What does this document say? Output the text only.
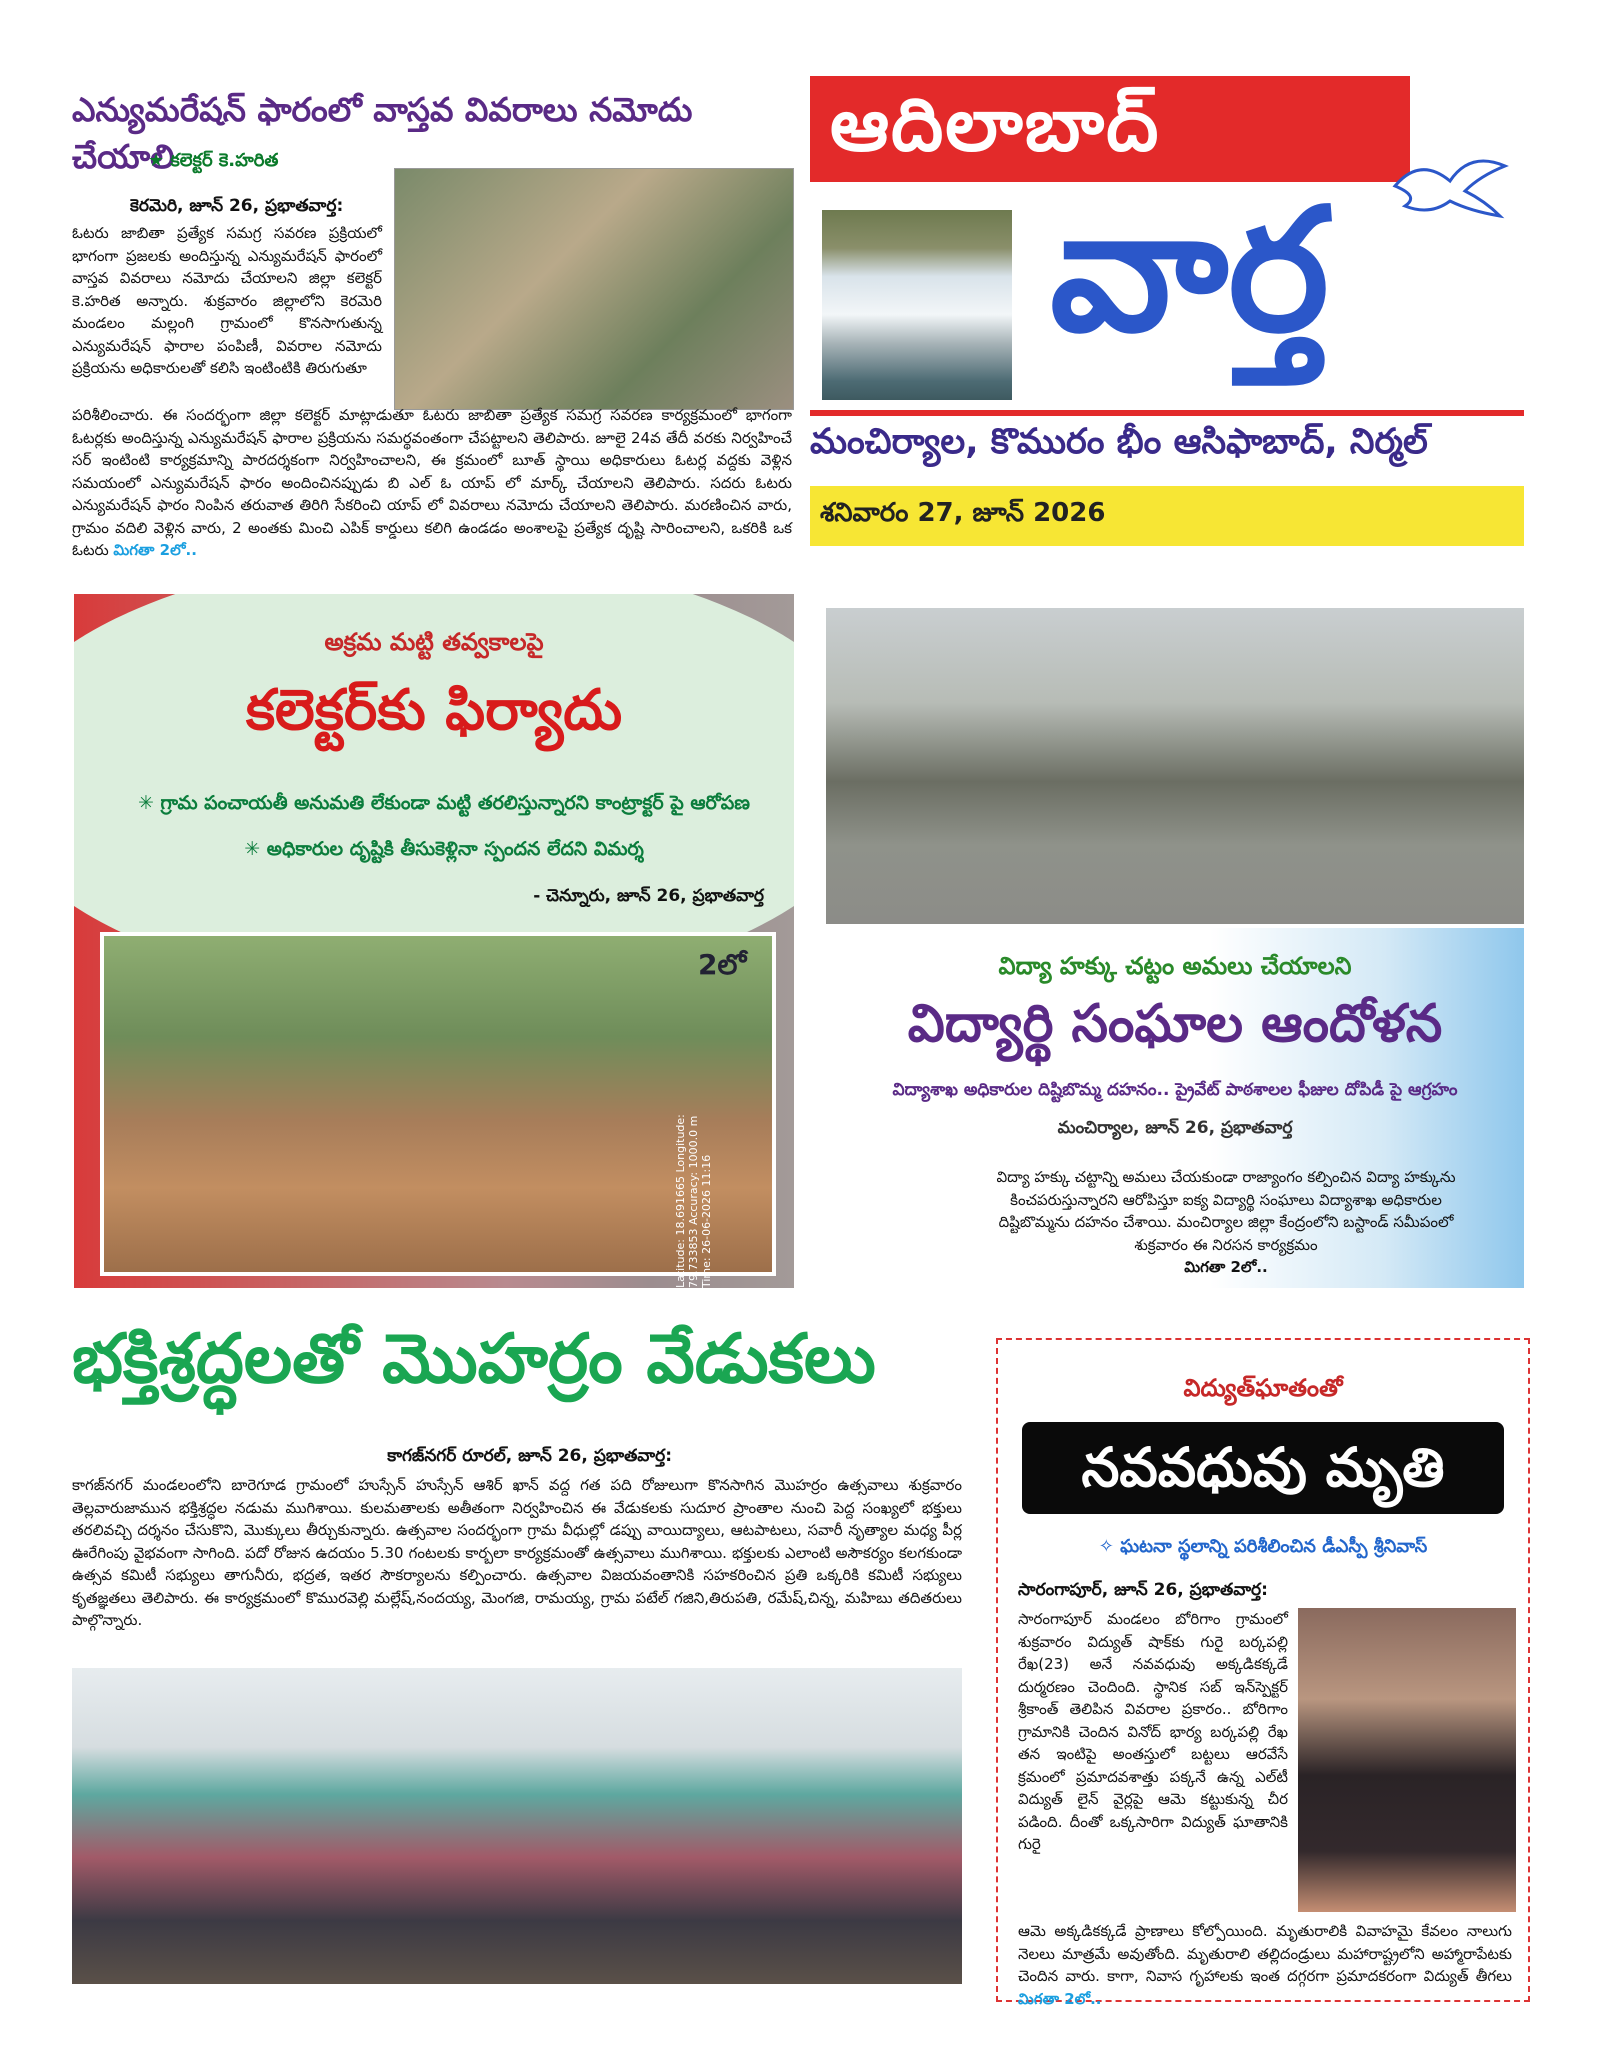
ఆదిలాబాద్
వార్త
మంచిర్యాల, కొమురం భీం ఆసిఫాబాద్, నిర్మల్
శనివారం 27, జూన్ 2026
ఎన్యుమరేషన్ ఫారంలో వాస్తవ వివరాలు నమోదు చేయాలి
★ కలెక్టర్ కె.హరిత
కెరమెరి, జూన్ 26, ప్రభాతవార్త:
ఓటరు జాబితా ప్రత్యేక సమగ్ర సవరణ ప్రక్రియలో భాగంగా ప్రజలకు అందిస్తున్న ఎన్యుమరేషన్ ఫారంలో వాస్తవ వివరాలు నమోదు చేయాలని జిల్లా కలెక్టర్ కె.హరిత అన్నారు. శుక్రవారం జిల్లాలోని కెరమెరి మండలం మల్లంగి గ్రామంలో కొనసాగుతున్న ఎన్యుమరేషన్ ఫారాల పంపిణీ, వివరాల నమోదు ప్రక్రియను అధికారులతో కలిసి ఇంటింటికి తిరుగుతూ
పరిశీలించారు. ఈ సందర్భంగా జిల్లా కలెక్టర్ మాట్లాడుతూ ఓటరు జాబితా ప్రత్యేక సమగ్ర సవరణ కార్యక్రమంలో భాగంగా ఓటర్లకు అందిస్తున్న ఎన్యుమరేషన్ ఫారాల ప్రక్రియను సమర్థవంతంగా చేపట్టాలని తెలిపారు. జూలై 24వ తేదీ వరకు నిర్వహించే సర్ ఇంటింటి కార్యక్రమాన్ని పారదర్శకంగా నిర్వహించాలని, ఈ క్రమంలో బూత్ స్థాయి అధికారులు ఓటర్ల వద్దకు వెళ్లిన సమయంలో ఎన్యుమరేషన్ ఫారం అందించినప్పుడు బి ఎల్ ఓ యాప్ లో మార్క్ చేయాలని తెలిపారు. సదరు ఓటరు ఎన్యుమరేషన్ ఫారం నింపిన తరువాత తిరిగి సేకరించి యాప్ లో వివరాలు నమోదు చేయాలని తెలిపారు. మరణించిన వారు, గ్రామం వదిలి వెళ్లిన వారు, 2 అంతకు మించి ఎపిక్ కార్డులు కలిగి ఉండడం అంశాలపై ప్రత్యేక దృష్టి సారించాలని, ఒకరికి ఒక ఓటరు మిగతా 2లో..
అక్రమ మట్టి తవ్వకాలపై
కలెక్టర్‌కు ఫిర్యాదు
✳ గ్రామ పంచాయతీ అనుమతి లేకుండా మట్టి తరలిస్తున్నారని కాంట్రాక్టర్ పై ఆరోపణ
✳ అధికారుల దృష్టికి తీసుకెళ్లినా స్పందన లేదని విమర్శ
- చెన్నూరు, జూన్ 26, ప్రభాతవార్త
2లో
Latitude: 18.691665 Longitude: 79.733853 Accuracy: 1000.0 m Time: 26-06-2026 11:16
విద్యా హక్కు చట్టం అమలు చేయాలని
విద్యార్థి సంఘాల ఆందోళన
విద్యాశాఖ అధికారుల దిష్టిబొమ్మ దహనం.. ప్రైవేట్ పాఠశాలల ఫీజుల దోపిడీ పై ఆగ్రహం
మంచిర్యాల, జూన్ 26, ప్రభాతవార్త
విద్యా హక్కు చట్టాన్ని అమలు చేయకుండా రాజ్యాంగం కల్పించిన విద్యా హక్కును కించపరుస్తున్నారని ఆరోపిస్తూ ఐక్య విద్యార్థి సంఘాలు విద్యాశాఖ అధికారుల దిష్టిబొమ్మను దహనం చేశాయి. మంచిర్యాల జిల్లా కేంద్రంలోని బస్టాండ్ సమీపంలో శుక్రవారం ఈ నిరసన కార్యక్రమం
మిగతా 2లో..
భక్తిశ్రద్ధలతో మొహర్రం వేడుకలు
కాగజ్‌నగర్ రూరల్, జూన్ 26, ప్రభాతవార్త:
కాగజ్‌నగర్ మండలంలోని బారెగూడ గ్రామంలో హుస్సేన్ హుస్సేన్ ఆశిర్ ఖాన్ వద్ద గత పది రోజులుగా కొనసాగిన మొహర్రం ఉత్సవాలు శుక్రవారం తెల్లవారుజామున భక్తిశ్రద్ధల నడుమ ముగిశాయి. కులమతాలకు అతీతంగా నిర్వహించిన ఈ వేడుకలకు సుదూర ప్రాంతాల నుంచి పెద్ద సంఖ్యలో భక్తులు తరలివచ్చి దర్శనం చేసుకొని, మొక్కులు తీర్చుకున్నారు. ఉత్సవాల సందర్భంగా గ్రామ వీధుల్లో డప్పు వాయిద్యాలు, ఆటపాటలు, సవారీ నృత్యాల మధ్య పీర్ల ఊరేగింపు వైభవంగా సాగింది. పదో రోజున ఉదయం 5.30 గంటలకు కార్బలా కార్యక్రమంతో ఉత్సవాలు ముగిశాయి. భక్తులకు ఎలాంటి అసౌకర్యం కలగకుండా ఉత్సవ కమిటీ సభ్యులు తాగునీరు, భద్రత, ఇతర సౌకర్యాలను కల్పించారు. ఉత్సవాల విజయవంతానికి సహకరించిన ప్రతి ఒక్కరికి కమిటీ సభ్యులు కృతజ్ఞతలు తెలిపారు. ఈ కార్యక్రమంలో కొమురవెల్లి మల్లేష్,నందయ్య, మెంగజి, రామయ్య, గ్రామ పటేల్ గజిని,తిరుపతి, రమేష్,చిన్న, మహిబు తదితరులు పాల్గొన్నారు.
విద్యుత్‌ఘాతంతో
నవవధువు మృతి
✧ ఘటనా స్థలాన్ని పరిశీలించిన డీఎస్పీ శ్రీనివాస్
సారంగాపూర్, జూన్ 26, ప్రభాతవార్త:
సారంగాపూర్ మండలం బోరిగాం గ్రామంలో శుక్రవారం విద్యుత్ షాక్‌కు గురై బర్కపల్లి రేఖ(23) అనే నవవధువు అక్కడికక్కడే దుర్మరణం చెందింది. స్థానిక సబ్ ఇన్‌స్పెక్టర్ శ్రీకాంత్ తెలిపిన వివరాల ప్రకారం.. బోరిగాం గ్రామానికి చెందిన వినోద్ భార్య బర్కపల్లి రేఖ తన ఇంటిపై అంతస్తులో బట్టలు ఆరవేసే క్రమంలో ప్రమాదవశాత్తు పక్కనే ఉన్న ఎల్‌టీ విద్యుత్ లైన్ వైర్లపై ఆమె కట్టుకున్న చీర పడింది. దీంతో ఒక్కసారిగా విద్యుత్ ఘాతానికి గురై
ఆమె అక్కడికక్కడే ప్రాణాలు కోల్పోయింది. మృతురాలికి వివాహమై కేవలం నాలుగు నెలలు మాత్రమే అవుతోంది. మృతురాలి తల్లిదండ్రులు మహారాష్ట్రలోని అహ్మారాపేటకు చెందిన వారు. కాగా, నివాస గృహాలకు ఇంత దగ్గరగా ప్రమాదకరంగా విద్యుత్ తీగలు మిగతా 2లో..
